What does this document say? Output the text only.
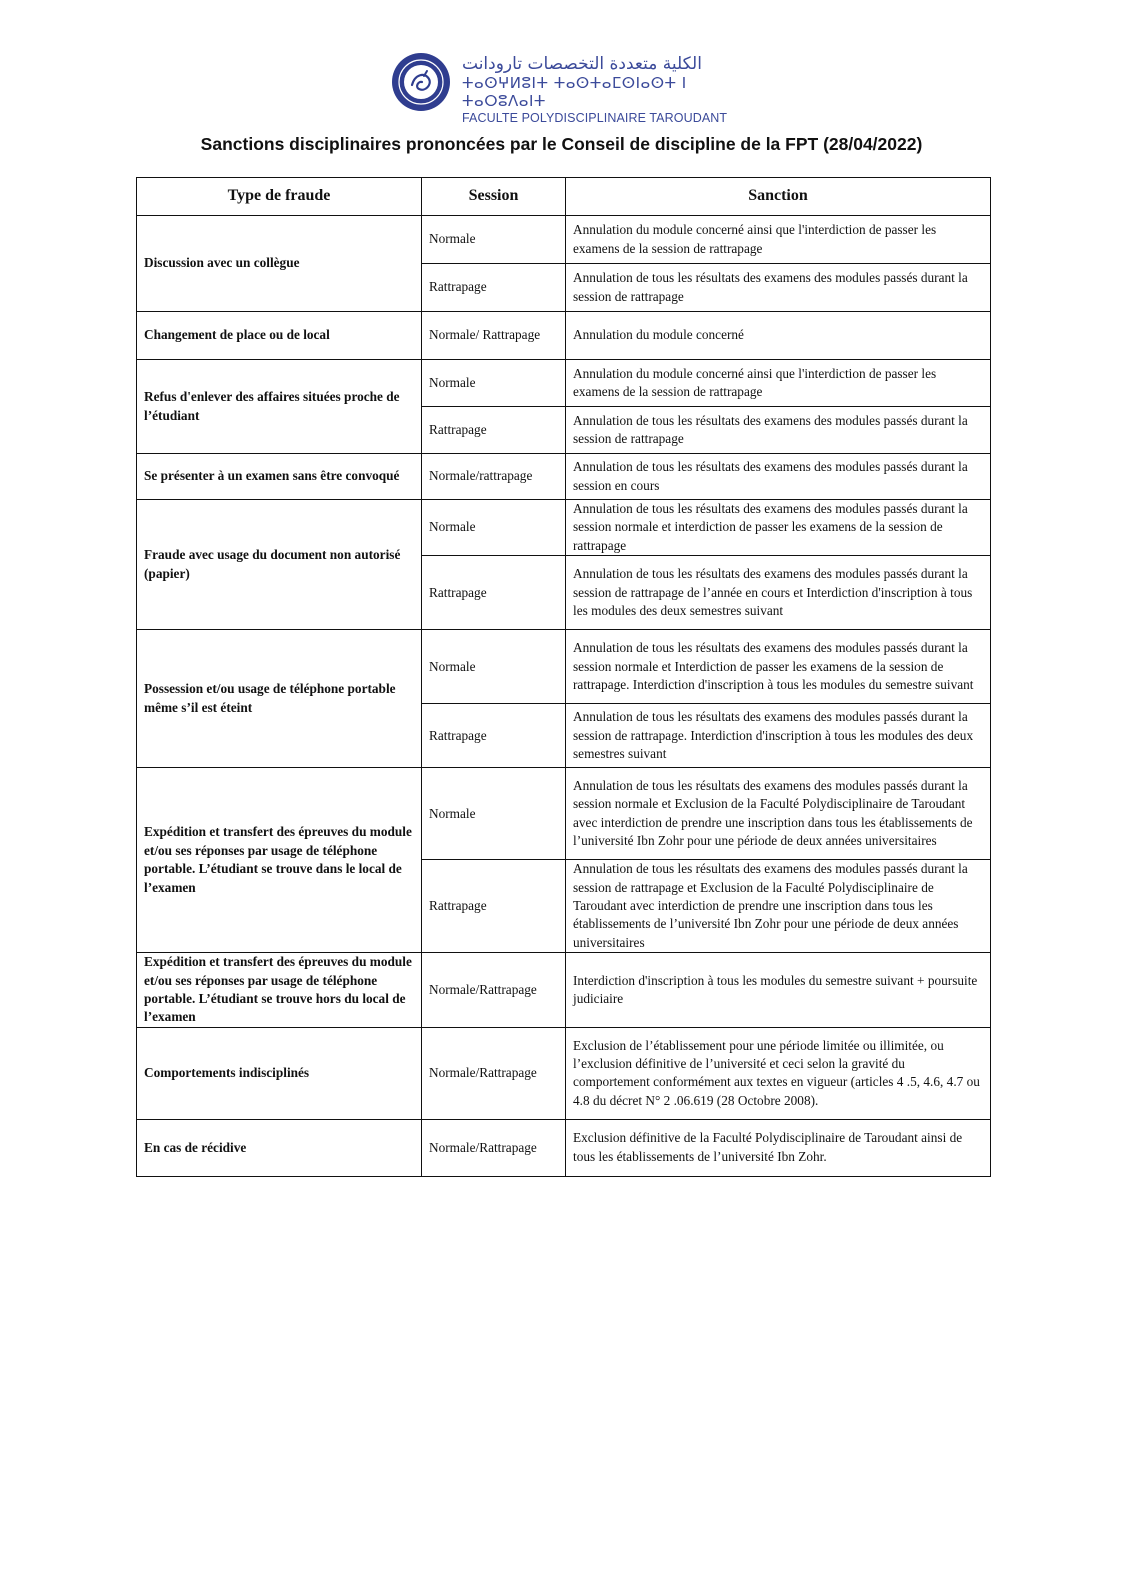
الكلية متعددة التخصصات تارودانت
ⵜⴰⵙⵖⵍⵓⵏⵜ ⵜⴰⵙⵜⴰⵎⵙⵏⴰⵙⵜ ⵏ ⵜⴰⵔⵓⴷⴰⵏⵜ
FACULTE POLYDISCIPLINAIRE TAROUDANT
Sanctions disciplinaires prononcées par le Conseil de discipline de la FPT (28/04/2022)
Type de fraude	Session	Sanction
Discussion avec un collègue	Normale	Annulation du module concerné ainsi que l'interdiction de passer les examens de la session de rattrapage
	Rattrapage	Annulation de tous les résultats des examens des modules passés durant la session de rattrapage
Changement de place ou de local	Normale/ Rattrapage	Annulation du module concerné
Refus d'enlever des affaires situées proche de l’étudiant	Normale	Annulation du module concerné ainsi que l'interdiction de passer les examens de la session de rattrapage
	Rattrapage	Annulation de tous les résultats des examens des modules passés durant la session de rattrapage
Se présenter à un examen sans être convoqué	Normale/rattrapage	Annulation de tous les résultats des examens des modules passés durant la session en cours
Fraude avec usage du document non autorisé (papier)	Normale	Annulation de tous les résultats des examens des modules passés durant la session normale et interdiction de passer les examens de la session de rattrapage
	Rattrapage	Annulation de tous les résultats des examens des modules passés durant la session de rattrapage de l’année en cours et Interdiction d'inscription à tous les modules des deux semestres suivant
Possession et/ou usage de téléphone portable même s’il est éteint	Normale	Annulation de tous les résultats des examens des modules passés durant la session normale et Interdiction de passer les examens de la session de rattrapage. Interdiction d'inscription à tous les modules du semestre suivant
	Rattrapage	Annulation de tous les résultats des examens des modules passés durant la session de rattrapage. Interdiction d'inscription à tous les modules des deux semestres suivant
Expédition et transfert des épreuves du module et/ou ses réponses par usage de téléphone portable. L’étudiant se trouve dans le local de l’examen	Normale	Annulation de tous les résultats des examens des modules passés durant la session normale et Exclusion de la Faculté Polydisciplinaire de Taroudant avec interdiction de prendre une inscription dans tous les établissements de l’université Ibn Zohr pour une période de deux années universitaires
	Rattrapage	Annulation de tous les résultats des examens des modules passés durant la session de rattrapage et Exclusion de la Faculté Polydisciplinaire de Taroudant avec interdiction de prendre une inscription dans tous les établissements de l’université Ibn Zohr pour une période de deux années universitaires
Expédition et transfert des épreuves du module et/ou ses réponses par usage de téléphone portable. L’étudiant se trouve hors du local de l’examen	Normale/Rattrapage	Interdiction d'inscription à tous les modules du semestre suivant + poursuite judiciaire
Comportements indisciplinés	Normale/Rattrapage	Exclusion de l’établissement pour une période limitée ou illimitée, ou l’exclusion définitive de l’université et ceci selon la gravité du comportement conformément aux textes en vigueur (articles 4 .5, 4.6, 4.7 ou 4.8 du décret N° 2 .06.619 (28 Octobre 2008).
En cas de récidive	Normale/Rattrapage	Exclusion définitive de la Faculté Polydisciplinaire de Taroudant ainsi de tous les établissements de l’université Ibn Zohr.
